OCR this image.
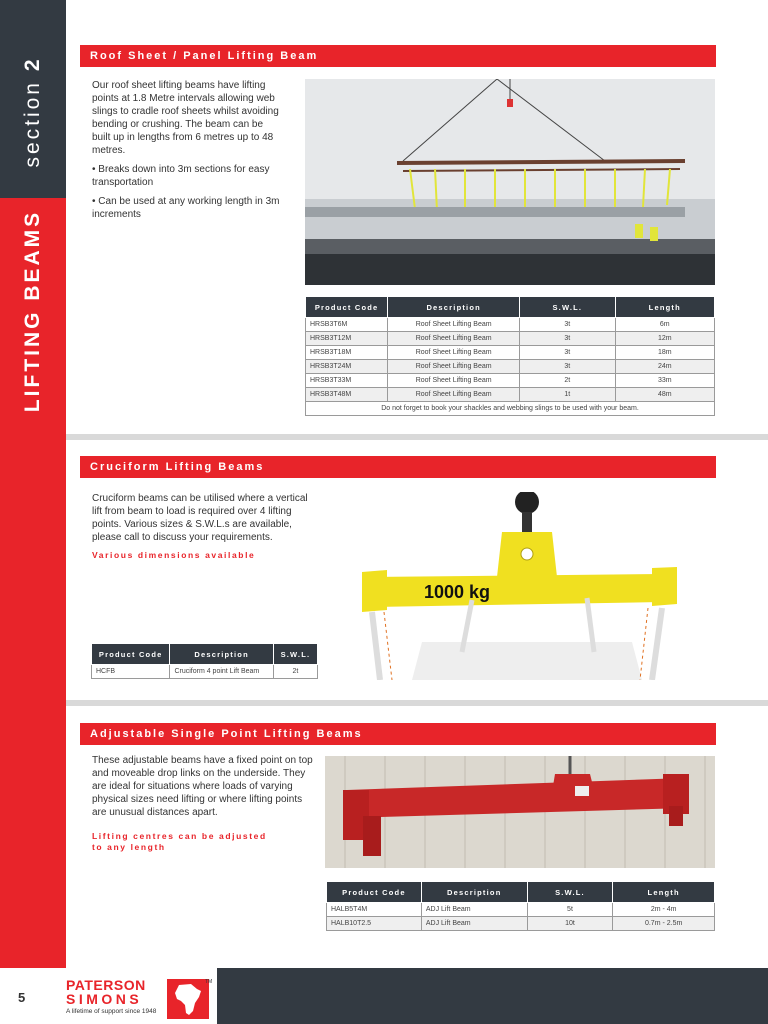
section 2
LIFTING BEAMS
Roof Sheet / Panel Lifting Beam

Our roof sheet lifting beams have lifting points at 1.8 Metre intervals allowing web slings to cradle roof sheets whilst avoiding bending or crushing. The beam can be built up in lengths from 6 metres up to 48 metres.

• Breaks down into 3m sections for easy transportation

• Can be used at any working length in 3m increments

Product Code	Description	S.W.L.	Length
HRSB3T6M	Roof Sheet Lifting Beam	3t	6m
HRSB3T12M	Roof Sheet Lifting Beam	3t	12m
HRSB3T18M	Roof Sheet Lifting Beam	3t	18m
HRSB3T24M	Roof Sheet Lifting Beam	3t	24m
HRSB3T33M	Roof Sheet Lifting Beam	2t	33m
HRSB3T48M	Roof Sheet Lifting Beam	1t	48m
Do not forget to book your shackles and webbing slings to be used with your beam.			
Cruciform Lifting Beams
Cruciform beams can be utilised where a vertical lift from beam to load is required over 4 lifting points. Various sizes & S.W.L.s are available, please call to discuss your requirements.
Various dimensions available
1000 kg
Product Code	Description	S.W.L.
HCFB	Cruciform 4 point Lift Beam	2t
Adjustable Single Point Lifting Beams
These adjustable beams have a fixed point on top and moveable drop links on the underside. They are ideal for situations where loads of varying physical sizes need lifting or where lifting points are unusual distances apart.
Lifting centres can be adjusted
to any length
Product Code	Description	S.W.L.	Length
HALB5T4M	ADJ Lift Beam	5t	2m - 4m
HALB10T2.5	ADJ Lift Beam	10t	0.7m - 2.5m
5
PATERSON
SIMONS
A lifetime of support since 1948
TM
